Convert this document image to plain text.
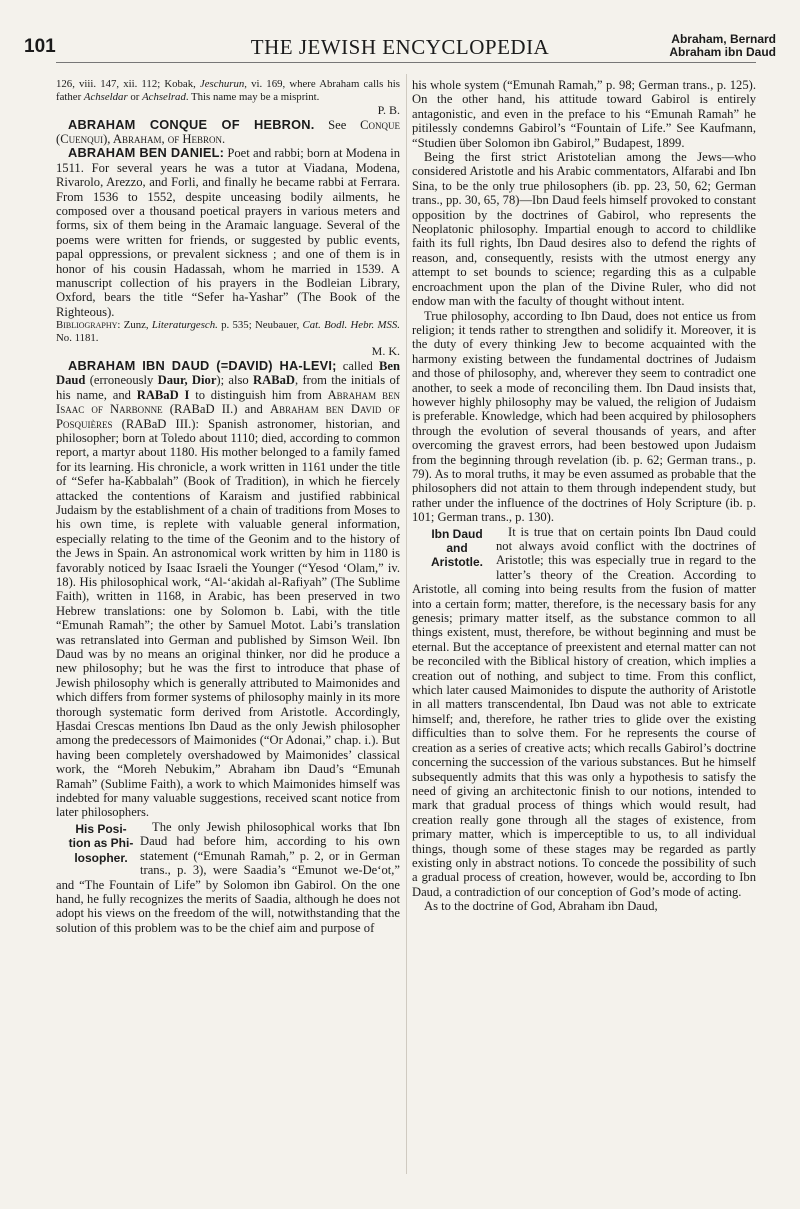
101	THE JEWISH ENCYCLOPEDIA	Abraham, Bernard
Abraham ibn Daud

126, viii. 147, xii. 112; Kobak, Jeschurun, vi. 169, where Abraham calls his father Achseldar or Achselrad. This name may be a misprint.

P. B.

ABRAHAM CONQUE OF HEBRON. See Conque (Cuenqui), Abraham, of Hebron.

ABRAHAM BEN DANIEL: Poet and rabbi; born at Modena in 1511. For several years he was a tutor at Viadana, Modena, Rivarolo, Arezzo, and Forli, and finally he became rabbi at Ferrara. From 1536 to 1552, despite unceasing bodily ailments, he composed over a thousand poetical prayers in various meters and forms, six of them being in the Aramaic language. Several of the poems were written for friends, or suggested by public events, papal oppressions, or prevalent sickness ; and one of them is in honor of his cousin Hadassah, whom he married in 1539. A manuscript collection of his prayers in the Bodleian Library, Oxford, bears the title “Sefer ha-Yashar” (The Book of the Righteous).

Bibliography: Zunz, Literaturgesch. p. 535; Neubauer, Cat. Bodl. Hebr. MSS. No. 1181.

M. K.

ABRAHAM IBN DAUD (=DAVID) HA-LEVI; called Ben Daud (erroneously Daur, Dior); also RABaD, from the initials of his name, and RABaD I to distinguish him from Abraham ben Isaac of Narbonne (RABaD II.) and Abraham ben David of Posquières (RABaD III.): Spanish astronomer, historian, and philosopher; born at Toledo about 1110; died, according to common report, a martyr about 1180. His mother belonged to a family famed for its learning. His chronicle, a work written in 1161 under the title of “Sefer ha-Ḳabbalah” (Book of Tradition), in which he fiercely attacked the contentions of Karaism and justified rabbinical Judaism by the establishment of a chain of traditions from Moses to his own time, is replete with valuable general information, especially relating to the time of the Geonim and to the history of the Jews in Spain. An astronomical work written by him in 1180 is favorably noticed by Isaac Israeli the Younger (“Yesod ‘Olam,” iv. 18). His philosophical work, “Al-‘akidah al-Rafiyah” (The Sublime Faith), written in 1168, in Arabic, has been preserved in two Hebrew translations: one by Solomon b. Labi, with the title “Emunah Ramah”; the other by Samuel Motot. Labi’s translation was retranslated into German and published by Simson Weil. Ibn Daud was by no means an original thinker, nor did he produce a new philosophy; but he was the first to introduce that phase of Jewish philosophy which is generally attributed to Maimonides and which differs from former systems of philosophy mainly in its more thorough systematic form derived from Aristotle. Accordingly, Ḥasdai Crescas mentions Ibn Daud as the only Jewish philosopher among the predecessors of Maimonides (“Or Adonai,” chap. i.). But having been completely overshadowed by Maimonides’ classical work, the “Moreh Nebukim,” Abraham ibn Daud’s “Emunah Ramah” (Sublime Faith), a work to which Maimonides himself was indebted for many valuable suggestions, received scant notice from later philosophers.

His Posi-
tion as Phi-
losopher.
The only Jewish philosophical works that Ibn Daud had before him, according to his own statement (“Emunah Ramah,” p. 2, or in German trans., p. 3), were Saadia’s “Emunot we-De‘ot,” and “The Fountain of Life” by Solomon ibn Gabirol. On the one hand, he fully recognizes the merits of Saadia, although he does not adopt his views on the freedom of the will, notwithstanding that the solution of this problem was to be the chief aim and purpose of

his whole system (“Emunah Ramah,” p. 98; German trans., p. 125). On the other hand, his attitude toward Gabirol is entirely antagonistic, and even in the preface to his “Emunah Ramah” he pitilessly condemns Gabirol’s “Fountain of Life.” See Kaufmann, “Studien über Solomon ibn Gabirol,” Budapest, 1899.

Being the first strict Aristotelian among the Jews—who considered Aristotle and his Arabic commentators, Alfarabi and Ibn Sina, to be the only true philosophers (ib. pp. 23, 50, 62; German trans., pp. 30, 65, 78)—Ibn Daud feels himself provoked to constant opposition by the doctrines of Gabirol, who represents the Neoplatonic philosophy. Impartial enough to accord to childlike faith its full rights, Ibn Daud desires also to defend the rights of reason, and, consequently, resists with the utmost energy any attempt to set bounds to science; regarding this as a culpable encroachment upon the plan of the Divine Ruler, who did not endow man with the faculty of thought without intent.

True philosophy, according to Ibn Daud, does not entice us from religion; it tends rather to strengthen and solidify it. Moreover, it is the duty of every thinking Jew to become acquainted with the harmony existing between the fundamental doctrines of Judaism and those of philosophy, and, wherever they seem to contradict one another, to seek a mode of reconciling them. Ibn Daud insists that, however highly philosophy may be valued, the religion of Judaism is preferable. Knowledge, which had been acquired by philosophers through the evolution of several thousands of years, and after overcoming the gravest errors, had been bestowed upon Judaism from the beginning through revelation (ib. p. 62; German trans., p. 79). As to moral truths, it may be even assumed as probable that the philosophers did not attain to them through independent study, but rather under the influence of the doctrines of Holy Scripture (ib. p. 101; German trans., p. 130).

Ibn Daud
and
Aristotle.
It is true that on certain points Ibn Daud could not always avoid conflict with the doctrines of Aristotle; this was especially true in regard to the latter’s theory of the Creation. According to Aristotle, all coming into being results from the fusion of matter into a certain form; matter, therefore, is the necessary basis for any genesis; primary matter itself, as the substance common to all things existent, must, therefore, be without beginning and must be eternal. But the acceptance of preexistent and eternal matter can not be reconciled with the Biblical history of creation, which implies a creation out of nothing, and subject to time. From this conflict, which later caused Maimonides to dispute the authority of Aristotle in all matters transcendental, Ibn Daud was not able to extricate himself; and, therefore, he rather tries to glide over the existing difficulties than to solve them. For he represents the course of creation as a series of creative acts; which recalls Gabirol’s doctrine concerning the succession of the various substances. But he himself subsequently admits that this was only a hypothesis to satisfy the need of giving an architectonic finish to our notions, intended to mark that gradual process of things which would result, had creation really gone through all the stages of existence, from primary matter, which is imperceptible to us, to all individual things, though some of these stages may be regarded as partly existing only in abstract notions. To concede the possibility of such a gradual process of creation, however, would be, according to Ibn Daud, a contradiction of our conception of God’s mode of acting.

As to the doctrine of God, Abraham ibn Daud,
